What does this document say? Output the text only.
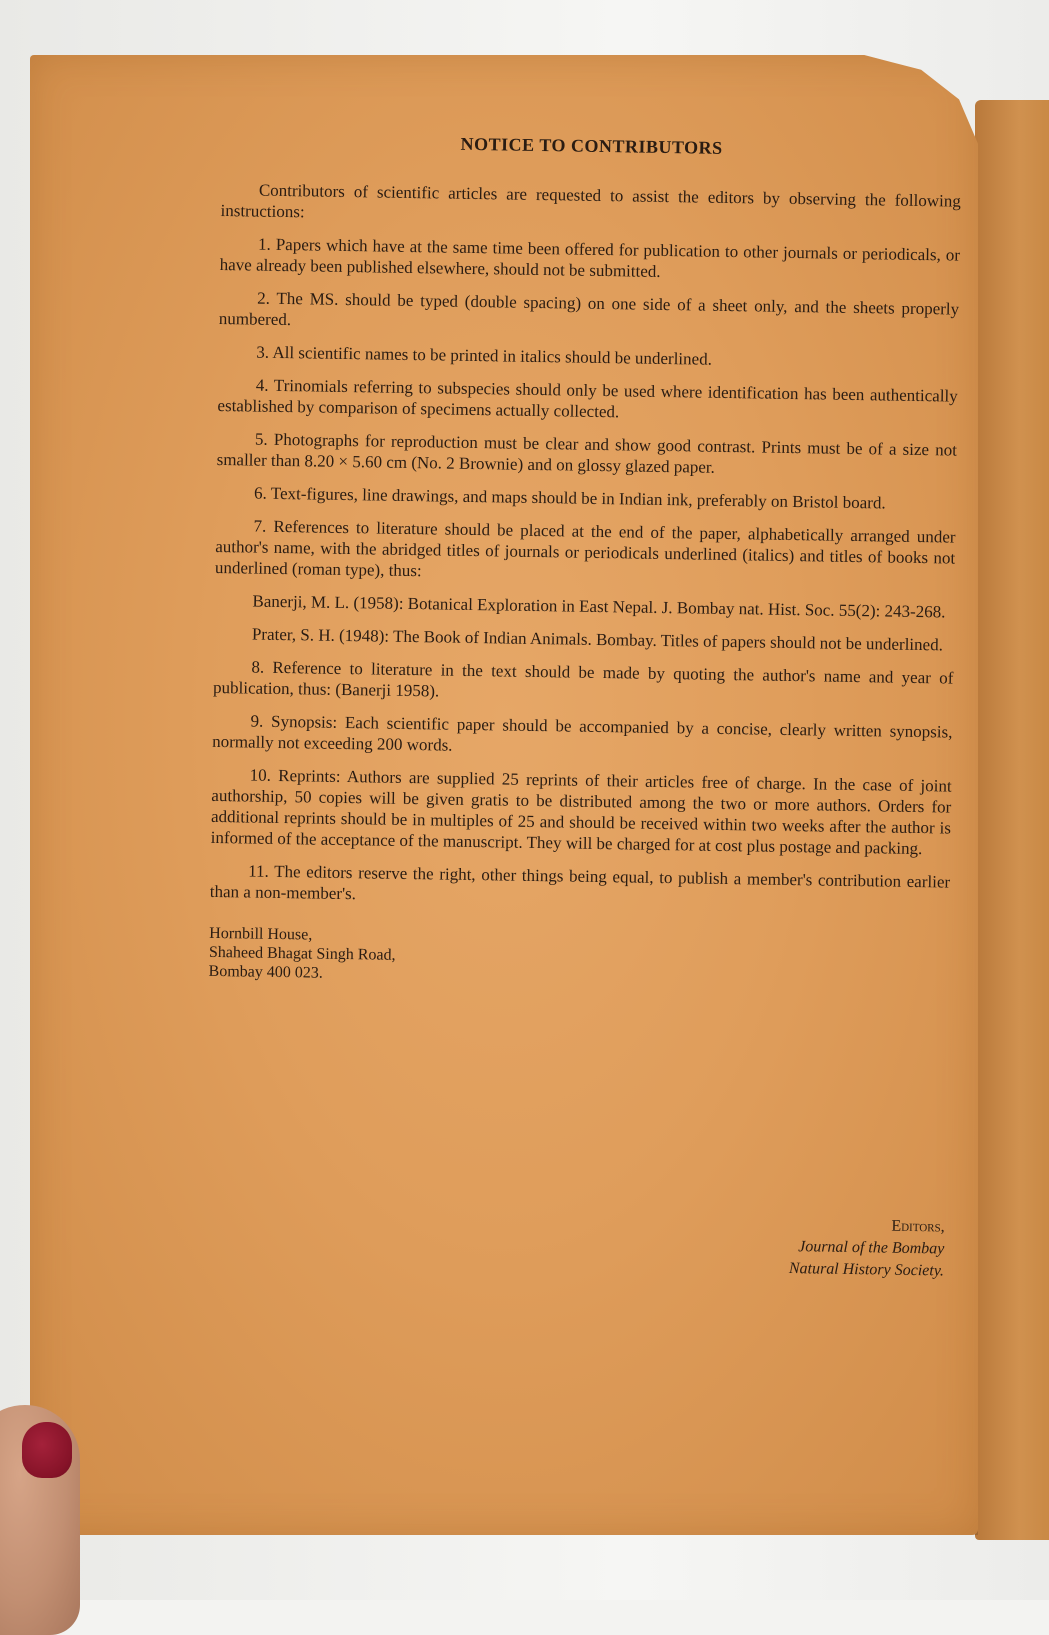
NOTICE TO CONTRIBUTORS

Contributors of scientific articles are requested to assist the editors by observing the following instructions:

1. Papers which have at the same time been offered for publication to other journals or periodicals, or have already been published elsewhere, should not be submitted.

2. The MS. should be typed (double spacing) on one side of a sheet only, and the sheets properly numbered.

3. All scientific names to be printed in italics should be underlined.

4. Trinomials referring to subspecies should only be used where identification has been authentically established by comparison of specimens actually collected.

5. Photographs for reproduction must be clear and show good contrast. Prints must be of a size not smaller than 8.20 × 5.60 cm (No. 2 Brownie) and on glossy glazed paper.

6. Text-figures, line drawings, and maps should be in Indian ink, preferably on Bristol board.

7. References to literature should be placed at the end of the paper, alphabetically arranged under author's name, with the abridged titles of journals or periodicals underlined (italics) and titles of books not underlined (roman type), thus:

Banerji, M. L. (1958): Botanical Exploration in East Nepal. J. Bombay nat. Hist. Soc. 55(2): 243-268.

Prater, S. H. (1948): The Book of Indian Animals. Bombay. Titles of papers should not be underlined.

8. Reference to literature in the text should be made by quoting the author's name and year of publication, thus: (Banerji 1958).

9. Synopsis: Each scientific paper should be accompanied by a concise, clearly written synopsis, normally not exceeding 200 words.

10. Reprints: Authors are supplied 25 reprints of their articles free of charge. In the case of joint authorship, 50 copies will be given gratis to be distributed among the two or more authors. Orders for additional reprints should be in multiples of 25 and should be received within two weeks after the author is informed of the acceptance of the manuscript. They will be charged for at cost plus postage and packing.

11. The editors reserve the right, other things being equal, to publish a member's contribution earlier than a non-member's.

Hornbill House,
Shaheed Bhagat Singh Road,
Bombay 400 023.
Editors,
Journal of the Bombay
Natural History Society.
